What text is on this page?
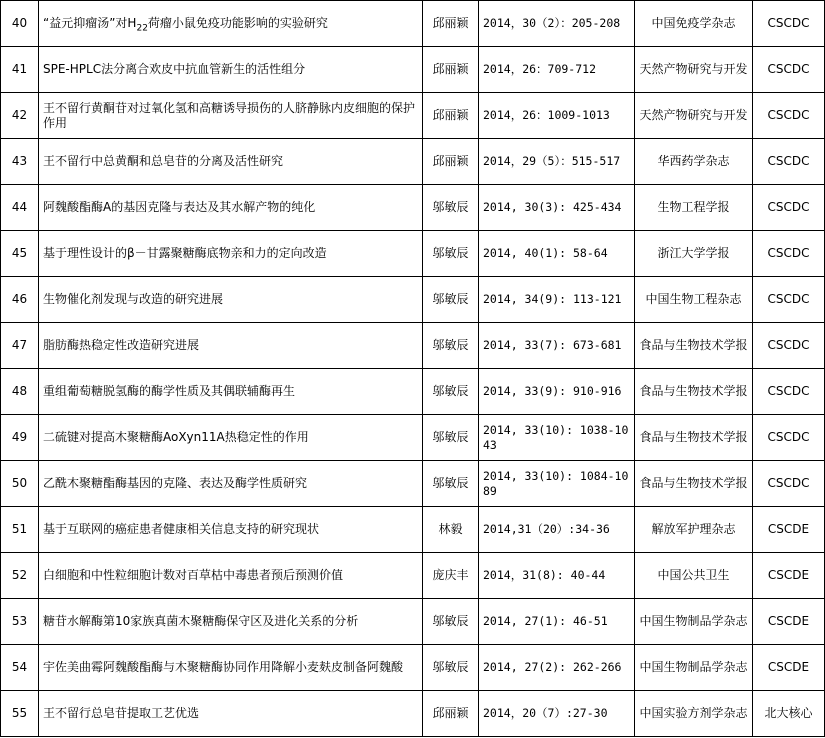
40	“益元抑瘤汤”对$H_{22}$荷瘤小鼠免疫功能影响的实验研究	邱丽颖	2014，30（2）：205-208	中国免疫学杂志	CSCDC
41	SPE-HPLC法分离合欢皮中抗血管新生的活性组分	邱丽颖	2014，26：709-712	天然产物研究与开发	CSCDC
42	王不留行黄酮苷对过氧化氢和高糖诱导损伤的人脐静脉内皮细胞的保护作用	邱丽颖	2014，26：1009-1013	天然产物研究与开发	CSCDC
43	王不留行中总黄酮和总皂苷的分离及活性研究	邱丽颖	2014，29（5）：515-517	华西药学杂志	CSCDC
44	阿魏酸酯酶A的基因克隆与表达及其水解产物的纯化	邬敏辰	2014, 30(3): 425-434	生物工程学报	CSCDC
45	基于理性设计的β－甘露聚糖酶底物亲和力的定向改造	邬敏辰	2014, 40(1): 58-64	浙江大学学报	CSCDC
46	生物催化剂发现与改造的研究进展	邬敏辰	2014, 34(9): 113-121	中国生物工程杂志	CSCDC
47	脂肪酶热稳定性改造研究进展	邬敏辰	2014, 33(7): 673-681	食品与生物技术学报	CSCDC
48	重组葡萄糖脱氢酶的酶学性质及其偶联辅酶再生	邬敏辰	2014, 33(9): 910-916	食品与生物技术学报	CSCDC
49	二硫键对提高木聚糖酶AoXyn11A热稳定性的作用	邬敏辰	2014, 33(10): 1038-1043	食品与生物技术学报	CSCDC
50	乙酰木聚糖酯酶基因的克隆、表达及酶学性质研究	邬敏辰	2014, 33(10): 1084-1089	食品与生物技术学报	CSCDC
51	基于互联网的癌症患者健康相关信息支持的研究现状	林毅	2014,31（20）:34-36	解放军护理杂志	CSCDE
52	白细胞和中性粒细胞计数对百草枯中毒患者预后预测价值	庞庆丰	2014，31(8): 40-44	中国公共卫生	CSCDE
53	糖苷水解酶第10家族真菌木聚糖酶保守区及进化关系的分析	邬敏辰	2014, 27(1): 46-51	中国生物制品学杂志	CSCDE
54	宇佐美曲霉阿魏酸酯酶与木聚糖酶协同作用降解小麦麸皮制备阿魏酸	邬敏辰	2014, 27(2): 262-266	中国生物制品学杂志	CSCDE
55	王不留行总皂苷提取工艺优选	邱丽颖	2014，20（7）:27-30	中国实验方剂学杂志	北大核心
